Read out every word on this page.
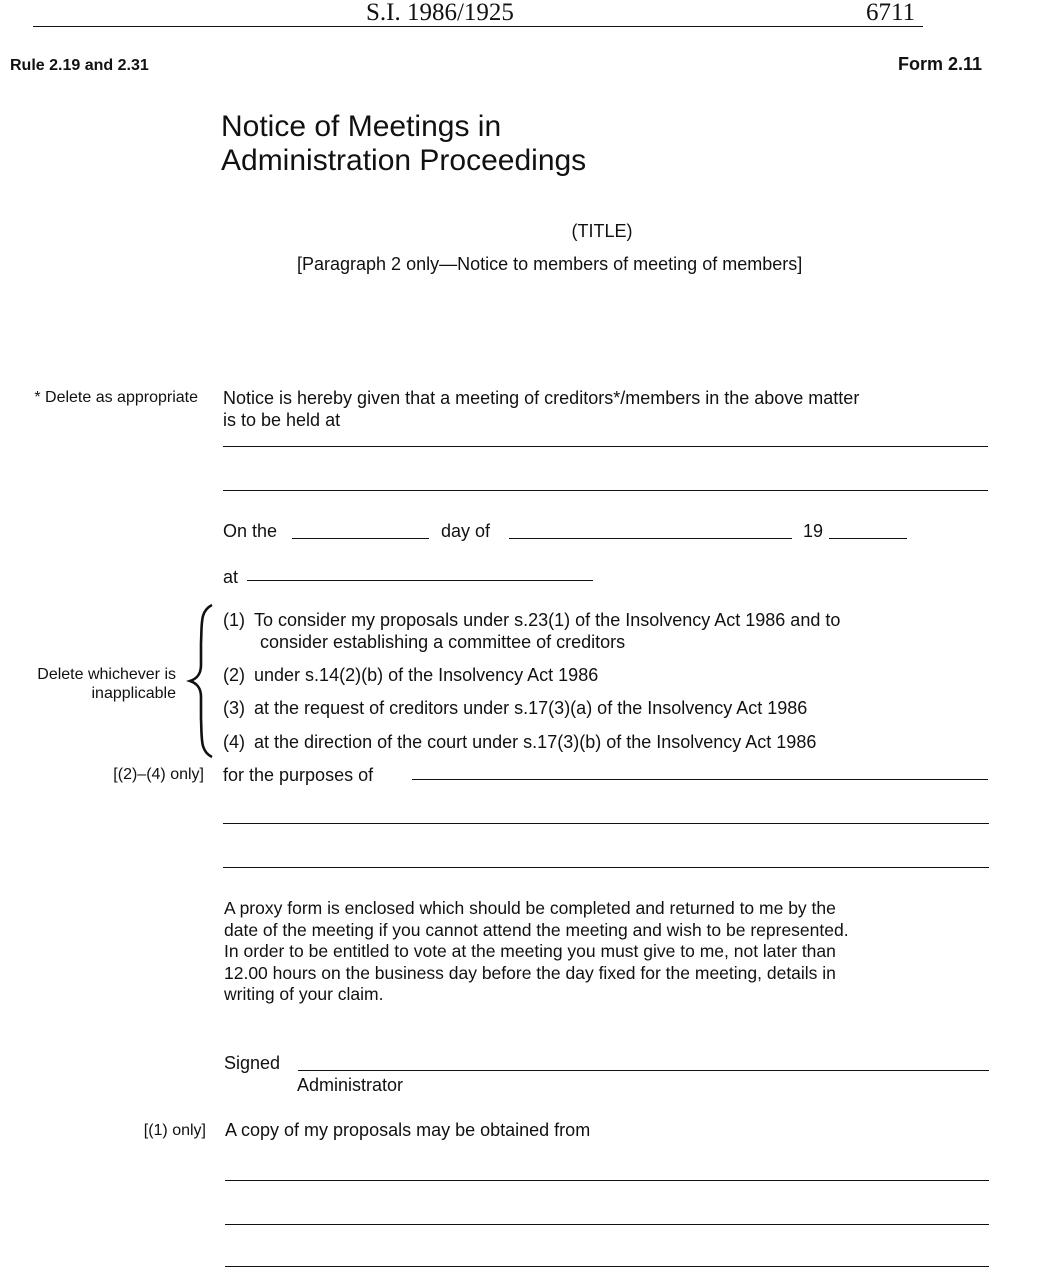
S.I. 1986/1925	6711
Rule 2.19 and 2.31	Form 2.11
Notice of Meetings in
Administration Proceedings
(TITLE)
[Paragraph 2 only—Notice to members of meeting of members]
* Delete as appropriate Notice is hereby given that a meeting of creditors*/members in the above matter
is to be held at
On the	day of	19
at
Delete whichever is
inapplicable
(1) To consider my proposals under s.23(1) of the Insolvency Act 1986 and to
consider establishing a committee of creditors
(2) under s.14(2)(b) of the Insolvency Act 1986
(3) at the request of creditors under s.17(3)(a) of the Insolvency Act 1986
(4) at the direction of the court under s.17(3)(b) of the Insolvency Act 1986
[(2)–(4) only] for the purposes of
A proxy form is enclosed which should be completed and returned to me by the
date of the meeting if you cannot attend the meeting and wish to be represented.
In order to be entitled to vote at the meeting you must give to me, not later than
12.00 hours on the business day before the day fixed for the meeting, details in
writing of your claim.
Signed
Administrator
[(1) only] A copy of my proposals may be obtained from
